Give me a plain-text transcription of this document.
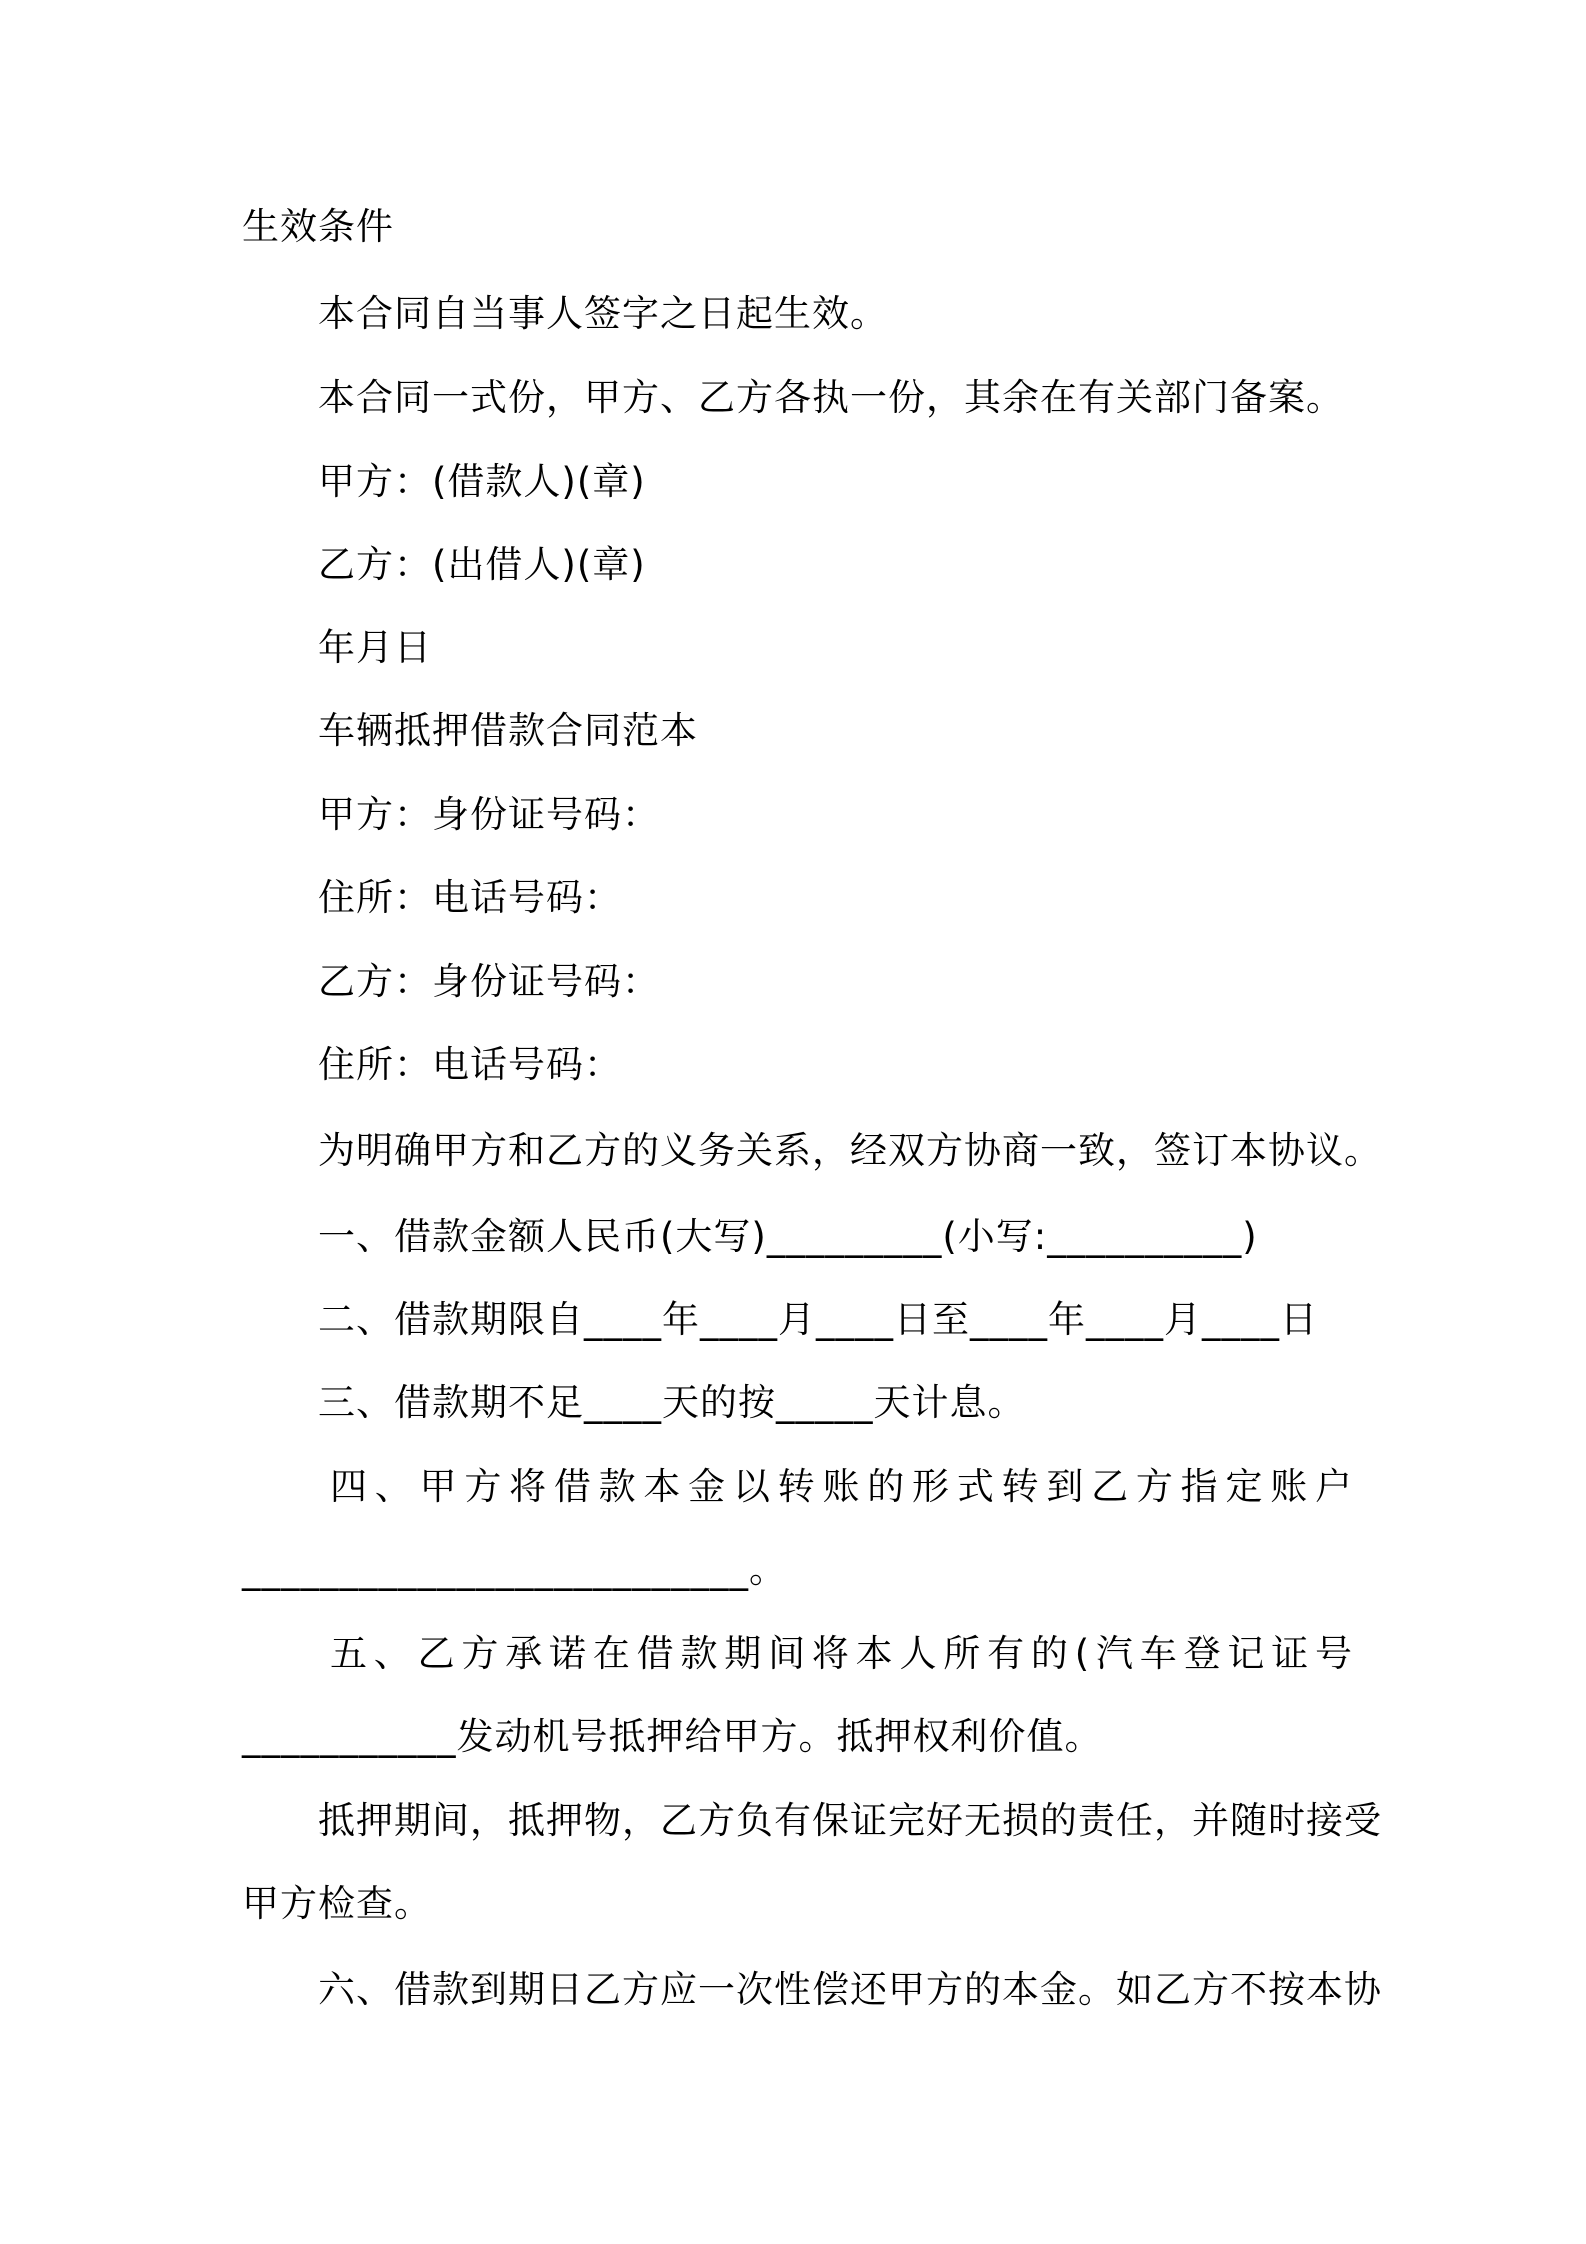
生效条件
本合同自当事人签字之日起生效。
本合同一式份，甲方、乙方各执一份，其余在有关部门备案。
甲方：(借款人)(章)
乙方：(出借人)(章)
年月日
车辆抵押借款合同范本
甲方：身份证号码：
住所：电话号码：
乙方：身份证号码：
住所：电话号码：
为明确甲方和乙方的义务关系，经双方协商一致，签订本协议。
一、借款金额人民币(大写)_________(小写:__________)
二、借款期限自____年____月____日至____年____月____日
三、借款期不足____天的按_____天计息。
四、甲方将借款本金以转账的形式转到乙方指定账户
__________________________。
五、乙方承诺在借款期间将本人所有的(汽车登记证号
___________发动机号抵押给甲方。抵押权利价值。
抵押期间，抵押物，乙方负有保证完好无损的责任，并随时接受
甲方检查。
六、借款到期日乙方应一次性偿还甲方的本金。如乙方不按本协
